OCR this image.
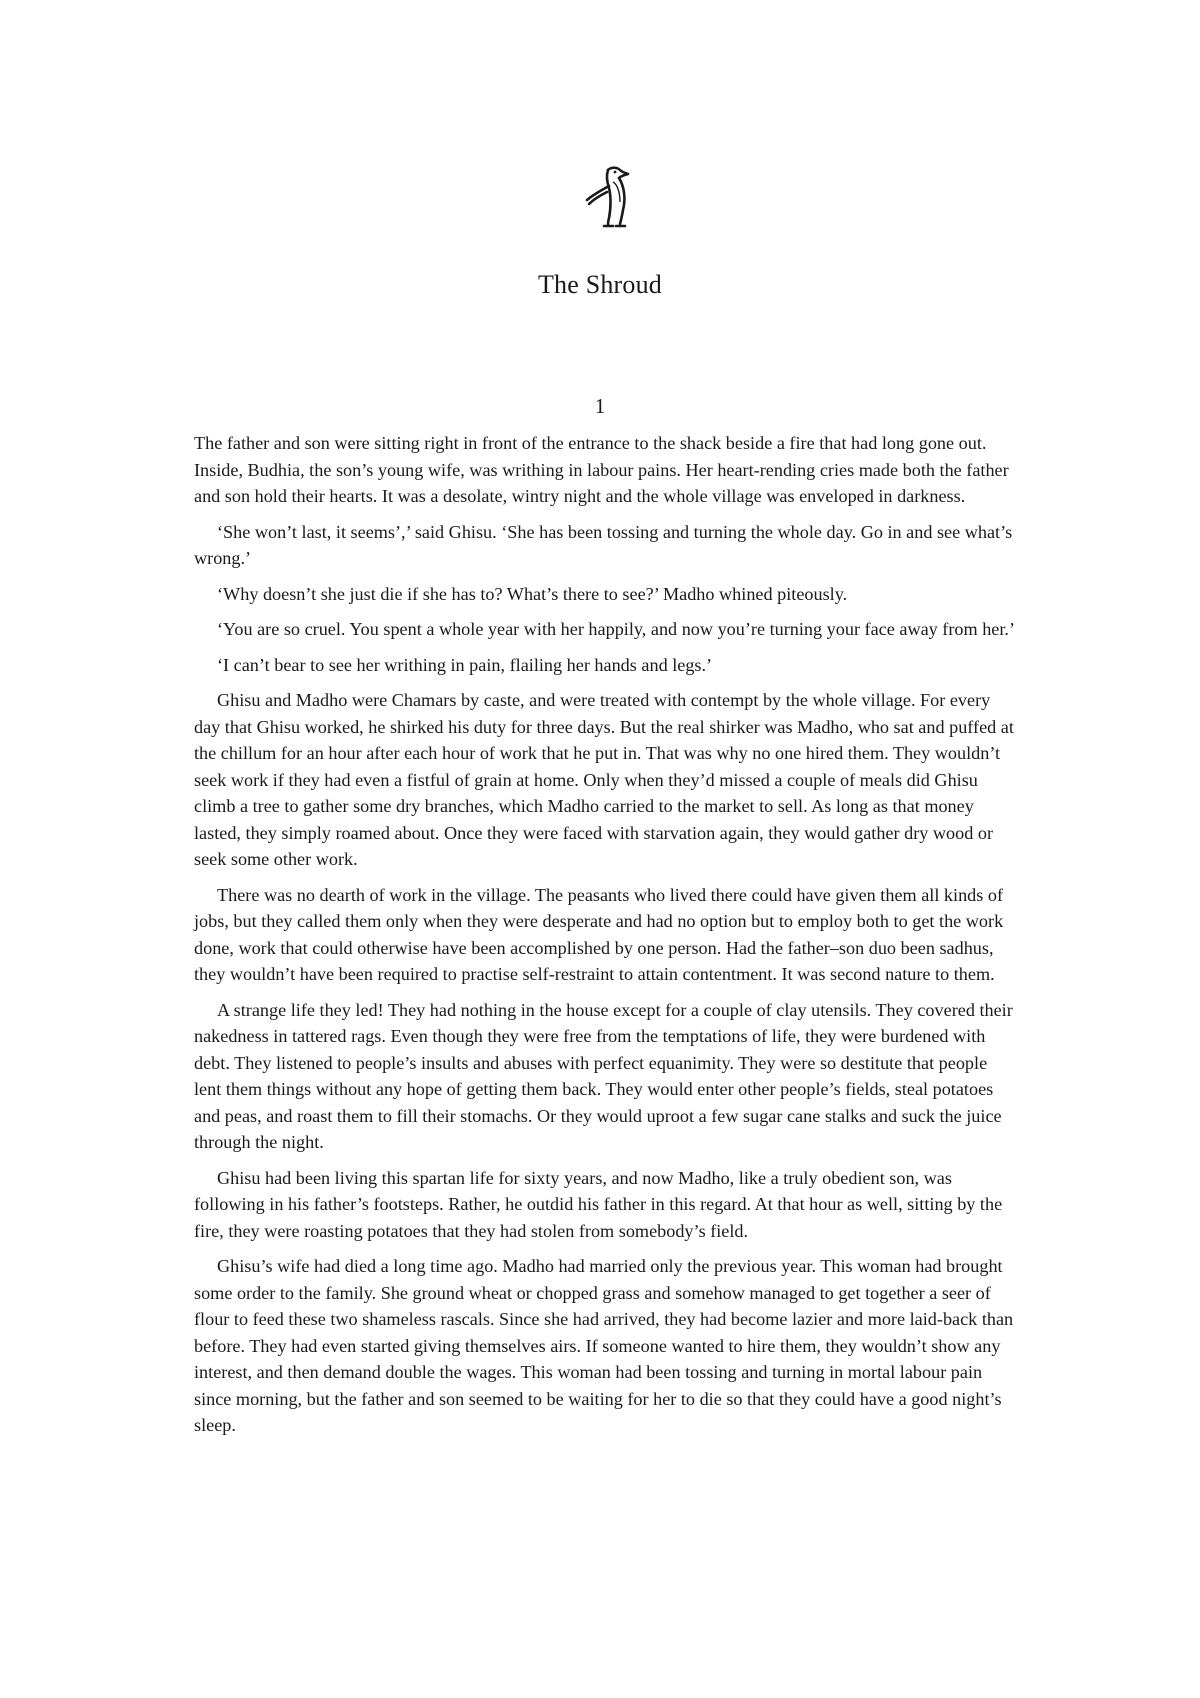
The Shroud
1

The father and son were sitting right in front of the entrance to the shack beside a fire that had long gone out. Inside, Budhia, the son’s young wife, was writhing in labour pains. Her heart-rending cries made both the father and son hold their hearts. It was a desolate, wintry night and the whole village was enveloped in darkness.

‘She won’t last, it seems’,’ said Ghisu. ‘She has been tossing and turning the whole day. Go in and see what’s wrong.’

‘Why doesn’t she just die if she has to? What’s there to see?’ Madho whined piteously.

‘You are so cruel. You spent a whole year with her happily, and now you’re turning your face away from her.’

‘I can’t bear to see her writhing in pain, flailing her hands and legs.’

Ghisu and Madho were Chamars by caste, and were treated with contempt by the whole village. For every day that Ghisu worked, he shirked his duty for three days. But the real shirker was Madho, who sat and puffed at the chillum for an hour after each hour of work that he put in. That was why no one hired them. They wouldn’t seek work if they had even a fistful of grain at home. Only when they’d missed a couple of meals did Ghisu climb a tree to gather some dry branches, which Madho carried to the market to sell. As long as that money lasted, they simply roamed about. Once they were faced with starvation again, they would gather dry wood or seek some other work.

There was no dearth of work in the village. The peasants who lived there could have given them all kinds of jobs, but they called them only when they were desperate and had no option but to employ both to get the work done, work that could otherwise have been accomplished by one person. Had the father–son duo been sadhus, they wouldn’t have been required to practise self-restraint to attain contentment. It was second nature to them.

A strange life they led! They had nothing in the house except for a couple of clay utensils. They covered their nakedness in tattered rags. Even though they were free from the temptations of life, they were burdened with debt. They listened to people’s insults and abuses with perfect equanimity. They were so destitute that people lent them things without any hope of getting them back. They would enter other people’s fields, steal potatoes and peas, and roast them to fill their stomachs. Or they would uproot a few sugar cane stalks and suck the juice through the night.

Ghisu had been living this spartan life for sixty years, and now Madho, like a truly obedient son, was following in his father’s footsteps. Rather, he outdid his father in this regard. At that hour as well, sitting by the fire, they were roasting potatoes that they had stolen from somebody’s field.

Ghisu’s wife had died a long time ago. Madho had married only the previous year. This woman had brought some order to the family. She ground wheat or chopped grass and somehow managed to get together a seer of flour to feed these two shameless rascals. Since she had arrived, they had become lazier and more laid-back than before. They had even started giving themselves airs. If someone wanted to hire them, they wouldn’t show any interest, and then demand double the wages. This woman had been tossing and turning in mortal labour pain since morning, but the father and son seemed to be waiting for her to die so that they could have a good night’s sleep.
